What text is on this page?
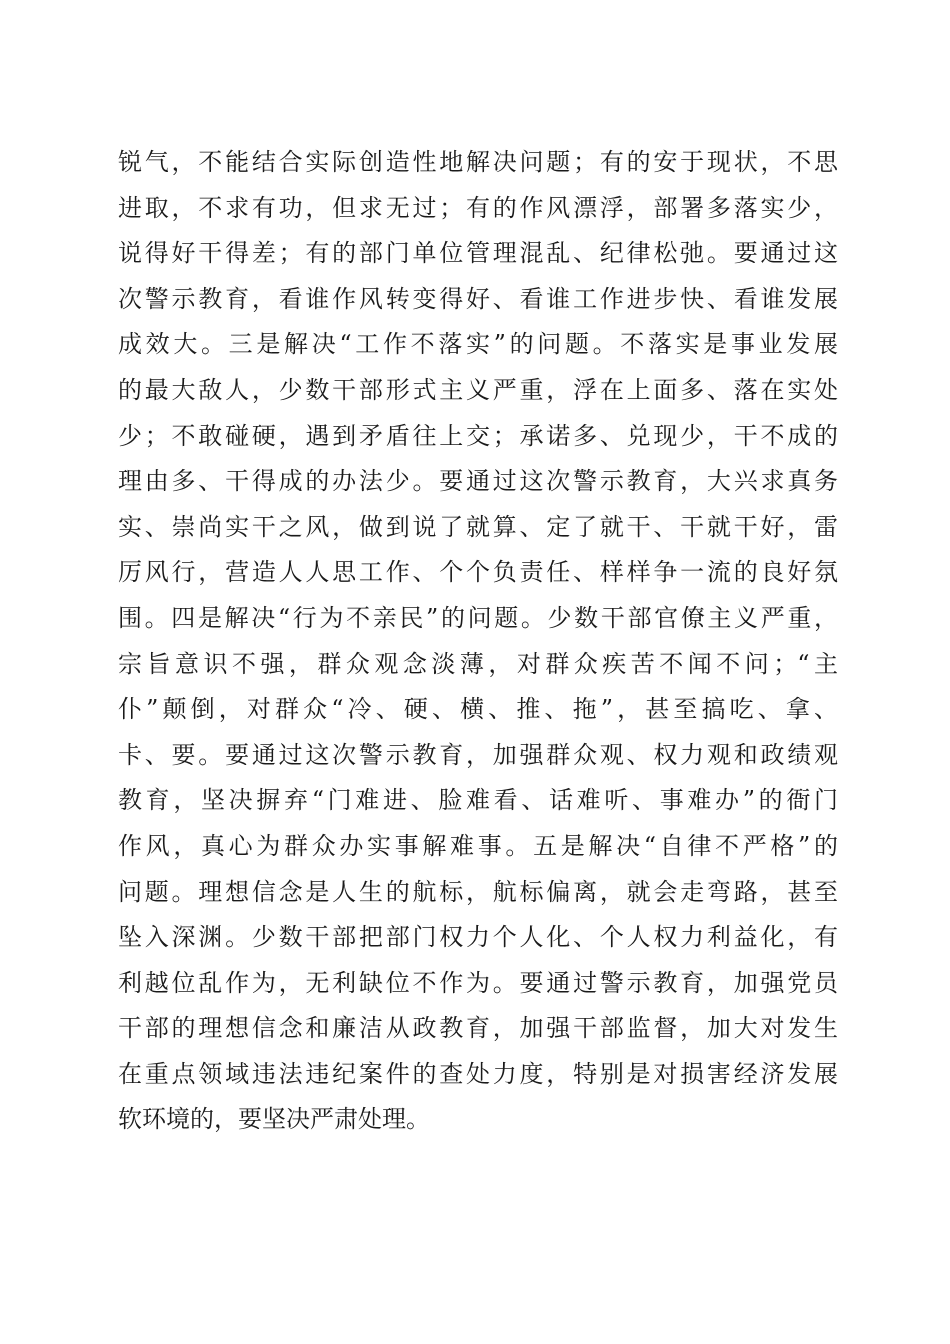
锐气，不能结合实际创造性地解决问题；有的安于现状，不思
进取，不求有功，但求无过；有的作风漂浮，部署多落实少，
说得好干得差；有的部门单位管理混乱、纪律松弛。要通过这
次警示教育，看谁作风转变得好、看谁工作进步快、看谁发展
成效大。三是解决“工作不落实”的问题。不落实是事业发展
的最大敌人，少数干部形式主义严重，浮在上面多、落在实处
少；不敢碰硬，遇到矛盾往上交；承诺多、兑现少，干不成的
理由多、干得成的办法少。要通过这次警示教育，大兴求真务
实、崇尚实干之风，做到说了就算、定了就干、干就干好，雷
厉风行，营造人人思工作、个个负责任、样样争一流的良好氛
围。四是解决“行为不亲民”的问题。少数干部官僚主义严重，
宗旨意识不强，群众观念淡薄，对群众疾苦不闻不问；“主
仆”颠倒，对群众“冷、硬、横、推、拖”，甚至搞吃、拿、
卡、要。要通过这次警示教育，加强群众观、权力观和政绩观
教育，坚决摒弃“门难进、脸难看、话难听、事难办”的衙门
作风，真心为群众办实事解难事。五是解决“自律不严格”的
问题。理想信念是人生的航标，航标偏离，就会走弯路，甚至
坠入深渊。少数干部把部门权力个人化、个人权力利益化，有
利越位乱作为，无利缺位不作为。要通过警示教育，加强党员
干部的理想信念和廉洁从政教育，加强干部监督，加大对发生
在重点领域违法违纪案件的查处力度，特别是对损害经济发展
软环境的，要坚决严肃处理。
